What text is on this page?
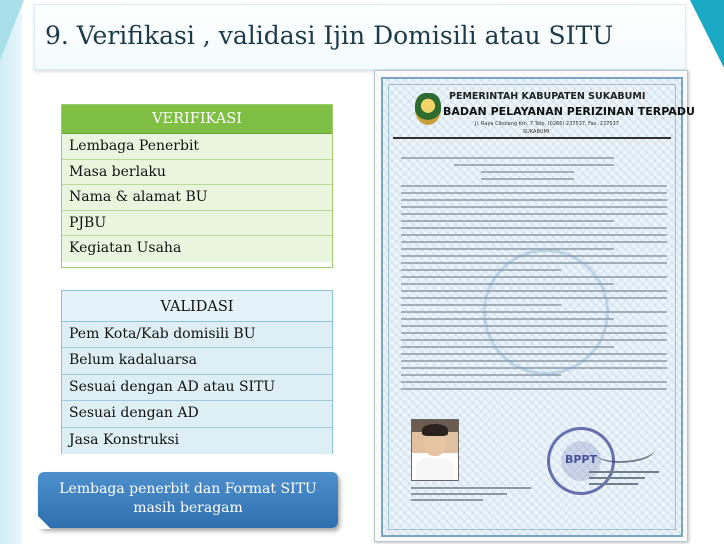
9. Verifikasi , validasi Ijin Domisili atau SITU
VERIFIKASI
Lembaga Penerbit
Masa berlaku
Nama & alamat BU
PJBU
Kegiatan Usaha
VALIDASI
Pem Kota/Kab domisili BU
Belum kadaluarsa
Sesuai dengan AD atau SITU
Sesuai dengan AD
Jasa Konstruksi
Lembaga penerbit dan Format SITU
masih beragam
PEMERINTAH KABUPATEN SUKABUMI
BADAN PELAYANAN PERIZINAN TERPADU
Jl. Raya Cibolang Km. 7 Telp. (0266) 237537, Fax. 237537
SUKABUMI
BPPT
